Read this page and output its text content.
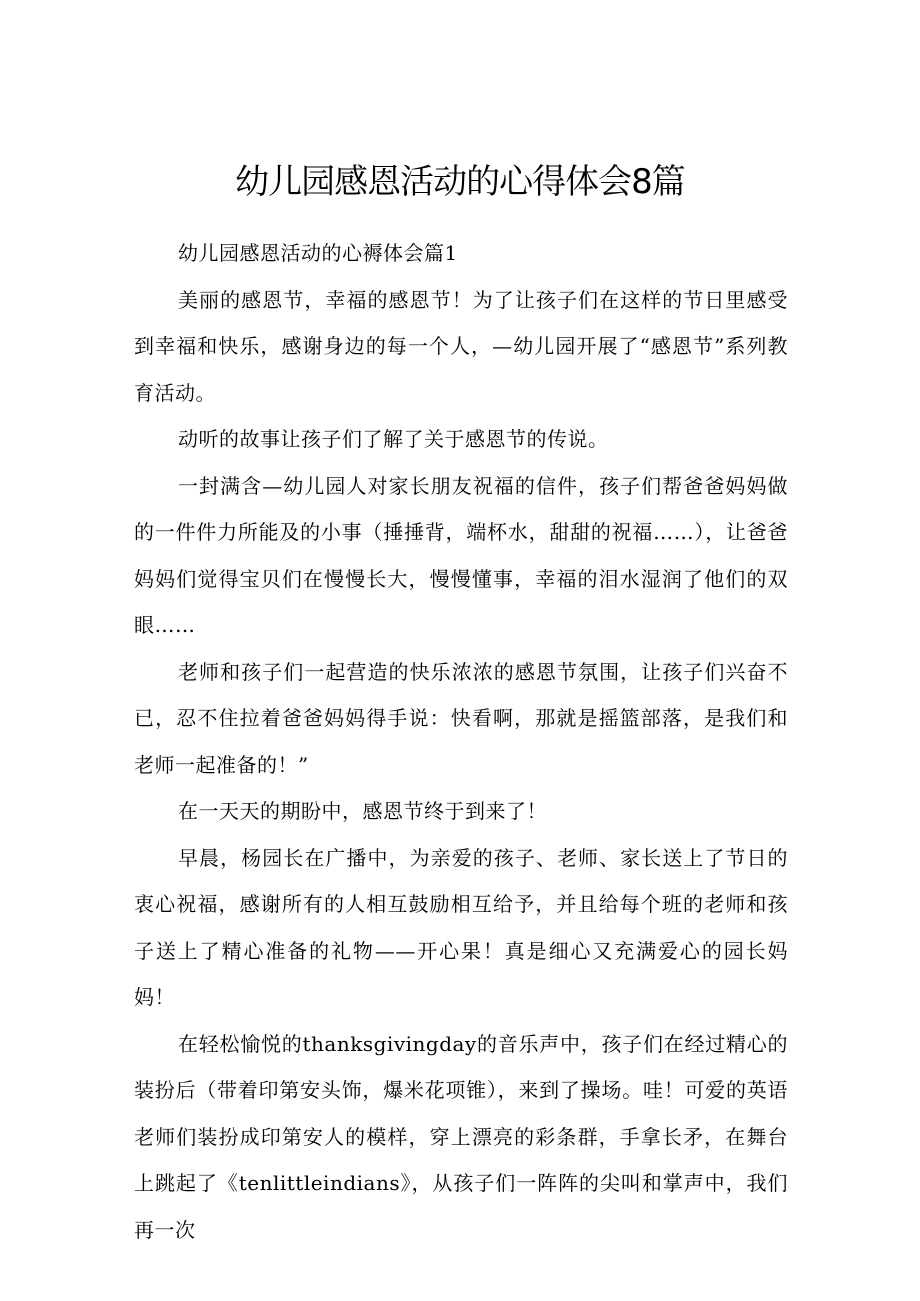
幼儿园感恩活动的心得体会8篇

幼儿园感恩活动的心褥体会篇1

美丽的感恩节，幸福的感恩节！为了让孩子们在这样的节日里感受到幸福和快乐，感谢身边的每一个人，—幼儿园开展了“感恩节”系列教育活动。

动听的故事让孩子们了解了关于感恩节的传说。

一封满含—幼儿园人对家长朋友祝福的信件，孩子们帮爸爸妈妈做的一件件力所能及的小事（捶捶背，端杯水，甜甜的祝福……），让爸爸妈妈们觉得宝贝们在慢慢长大，慢慢懂事，幸福的泪水湿润了他们的双眼……

老师和孩子们一起营造的快乐浓浓的感恩节氛围，让孩子们兴奋不已，忍不住拉着爸爸妈妈得手说：快看啊，那就是摇篮部落，是我们和老师一起准备的！”

在一天天的期盼中，感恩节终于到来了！

早晨，杨园长在广播中，为亲爱的孩子、老师、家长送上了节日的衷心祝福，感谢所有的人相互鼓励相互给予，并且给每个班的老师和孩子送上了精心准备的礼物——开心果！真是细心又充满爱心的园长妈妈！

在轻松愉悦的thanksgivingday的音乐声中，孩子们在经过精心的装扮后（带着印第安头饰，爆米花项锥），来到了操场。哇！可爱的英语老师们装扮成印第安人的模样，穿上漂亮的彩条群，手拿长矛，在舞台上跳起了《tenlittleindians》，从孩子们一阵阵的尖叫和掌声中，我们再一次
